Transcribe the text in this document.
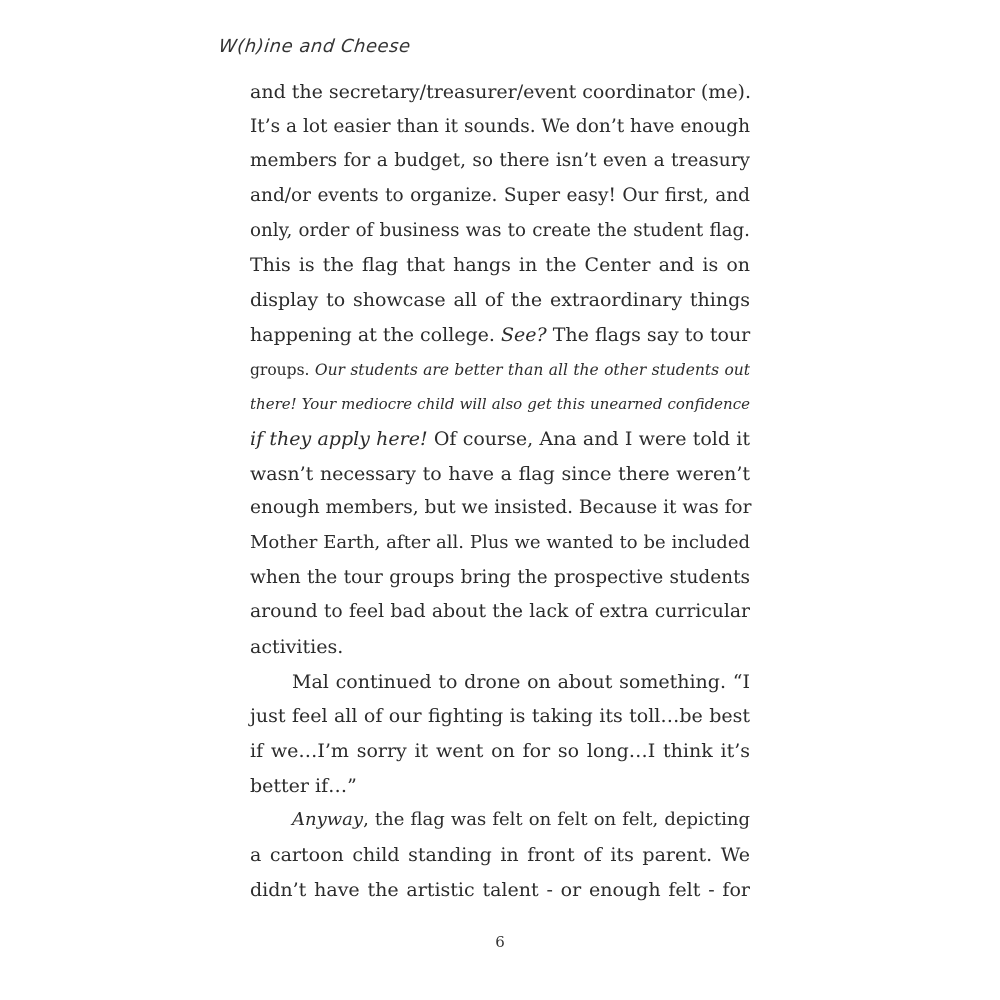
W(h)ine and Cheese

and the secretary/treasurer/event coordinator (me).
It’s a lot easier than it sounds. We don’t have enough
members for a budget, so there isn’t even a treasury
and/or events to organize. Super easy! Our first, and
only, order of business was to create the student flag.
This is the flag that hangs in the Center and is on
display to showcase all of the extraordinary things
happening at the college. See? The flags say to tour
groups. Our students are better than all the other students out
there! Your mediocre child will also get this unearned confidence
if they apply here! Of course, Ana and I were told it
wasn’t necessary to have a flag since there weren’t
enough members, but we insisted. Because it was for
Mother Earth, after all. Plus we wanted to be included
when the tour groups bring the prospective students
around to feel bad about the lack of extra curricular
activities.

Mal continued to drone on about something. “I
just feel all of our fighting is taking its toll…be best
if we…I’m sorry it went on for so long…I think it’s
better if…”

Anyway, the flag was felt on felt on felt, depicting
a cartoon child standing in front of its parent. We
didn’t have the artistic talent - or enough felt - for

6
